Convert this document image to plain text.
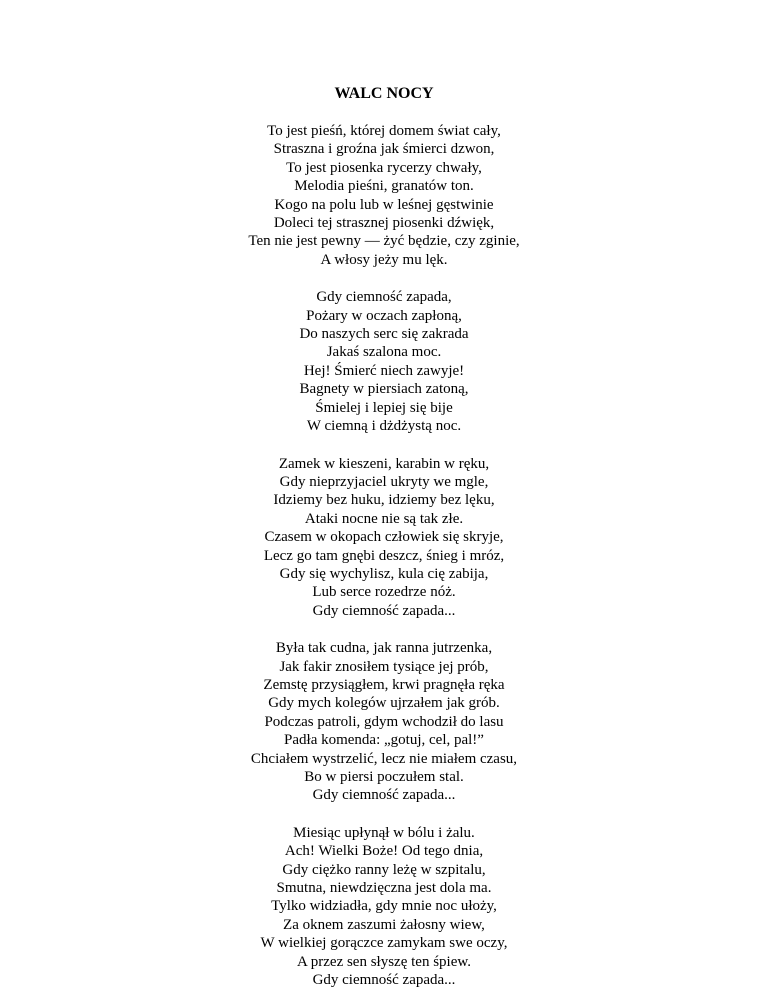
WALC NOCY
To jest pieśń, której domem świat cały,
Straszna i groźna jak śmierci dzwon,
To jest piosenka rycerzy chwały,
Melodia pieśni, granatów ton.
Kogo na polu lub w leśnej gęstwinie
Doleci tej strasznej piosenki dźwięk,
Ten nie jest pewny — żyć będzie, czy zginie,
A włosy jeży mu lęk.
Gdy ciemność zapada,
Pożary w oczach zapłoną,
Do naszych serc się zakrada
Jakaś szalona moc.
Hej! Śmierć niech zawyje!
Bagnety w piersiach zatoną,
Śmielej i lepiej się bije
W ciemną i dżdżystą noc.
Zamek w kieszeni, karabin w ręku,
Gdy nieprzyjaciel ukryty we mgle,
Idziemy bez huku, idziemy bez lęku,
Ataki nocne nie są tak złe.
Czasem w okopach człowiek się skryje,
Lecz go tam gnębi deszcz, śnieg i mróz,
Gdy się wychylisz, kula cię zabija,
Lub serce rozedrze nóż.
Gdy ciemność zapada...
Była tak cudna, jak ranna jutrzenka,
Jak fakir znosiłem tysiące jej prób,
Zemstę przysiągłem, krwi pragnęła ręka
Gdy mych kolegów ujrzałem jak grób.
Podczas patroli, gdym wchodził do lasu
Padła komenda: „gotuj, cel, pal!”
Chciałem wystrzelić, lecz nie miałem czasu,
Bo w piersi poczułem stal.
Gdy ciemność zapada...
Miesiąc upłynął w bólu i żalu.
Ach! Wielki Boże! Od tego dnia,
Gdy ciężko ranny leżę w szpitalu,
Smutna, niewdzięczna jest dola ma.
Tylko widziadła, gdy mnie noc ułoży,
Za oknem zaszumi żałosny wiew,
W wielkiej gorączce zamykam swe oczy,
A przez sen słyszę ten śpiew.
Gdy ciemność zapada...
